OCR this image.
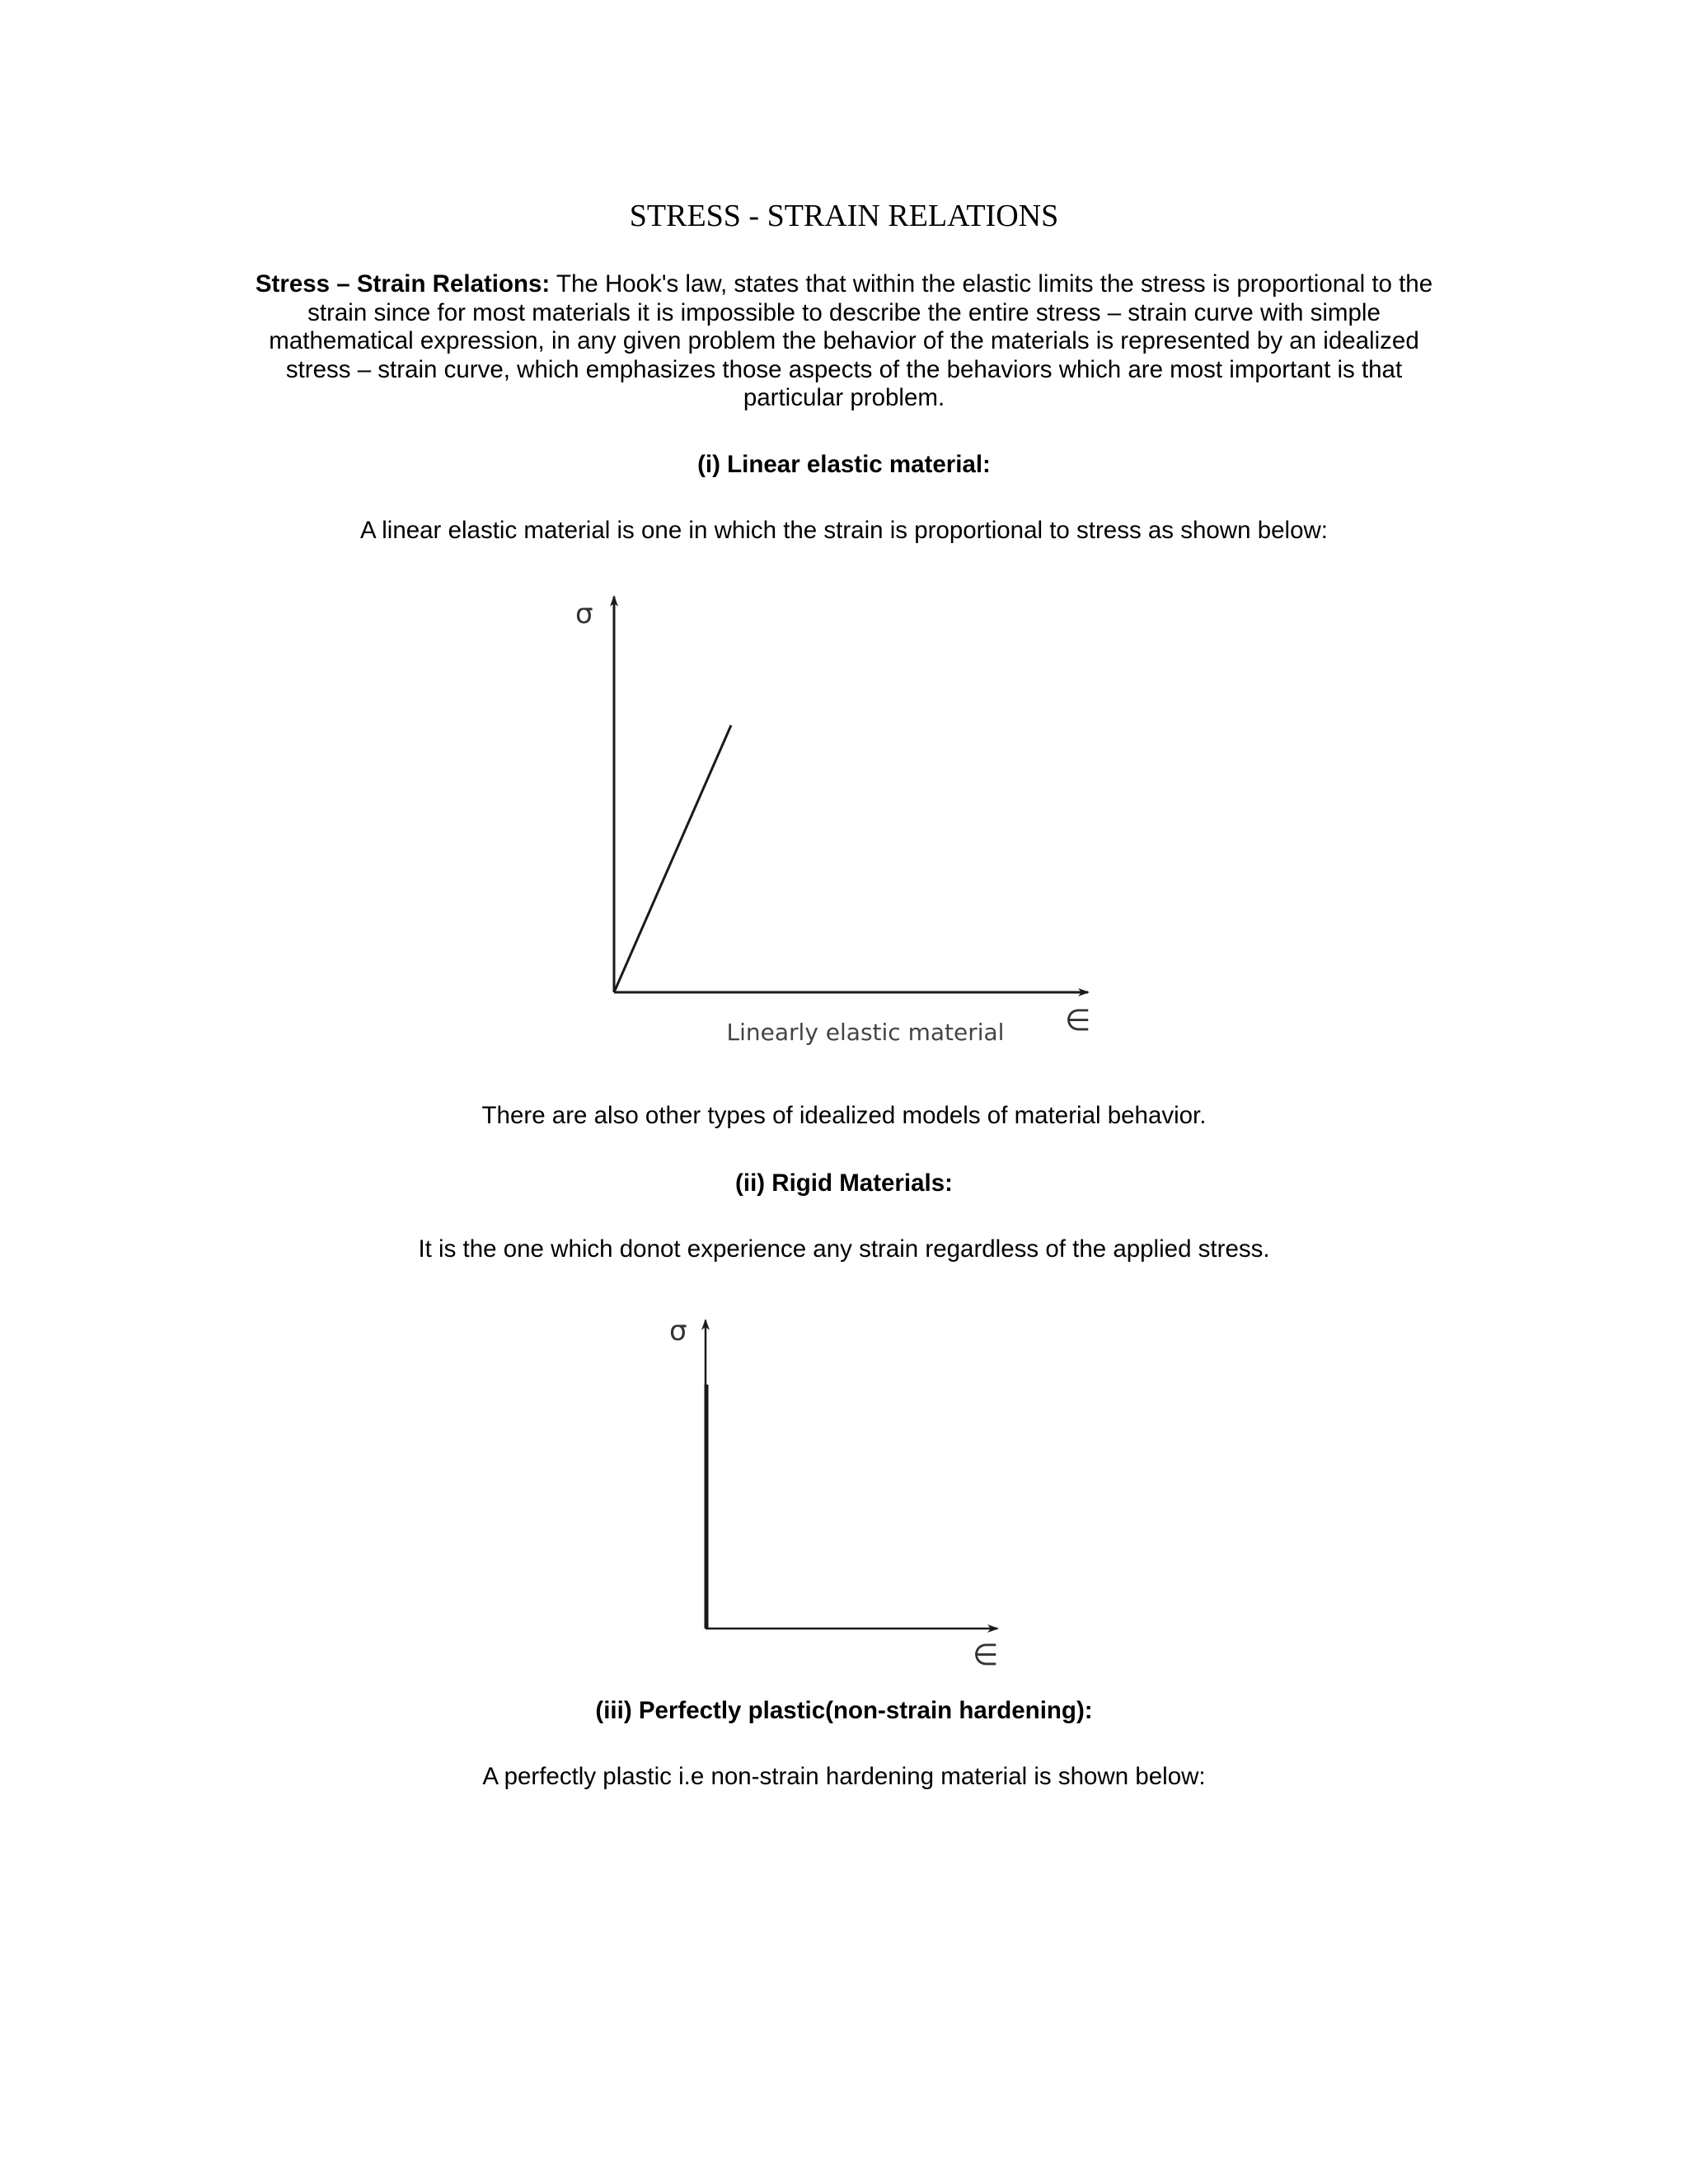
STRESS - STRAIN RELATIONS
Stress – Strain Relations: The Hook's law, states that within the elastic limits the stress is proportional to the strain since for most materials it is impossible to describe the entire stress – strain curve with simple mathematical expression, in any given problem the behavior of the materials is represented by an idealized stress – strain curve, which emphasizes those aspects of the behaviors which are most important is that particular problem.
(i) Linear elastic material:
A linear elastic material is one in which the strain is proportional to stress as shown below:
σ
∈
Linearly elastic material
There are also other types of idealized models of material behavior.
(ii) Rigid Materials:
It is the one which donot experience any strain regardless of the applied stress.
σ
∈
(iii) Perfectly plastic(non-strain hardening):
A perfectly plastic i.e non-strain hardening material is shown below:
